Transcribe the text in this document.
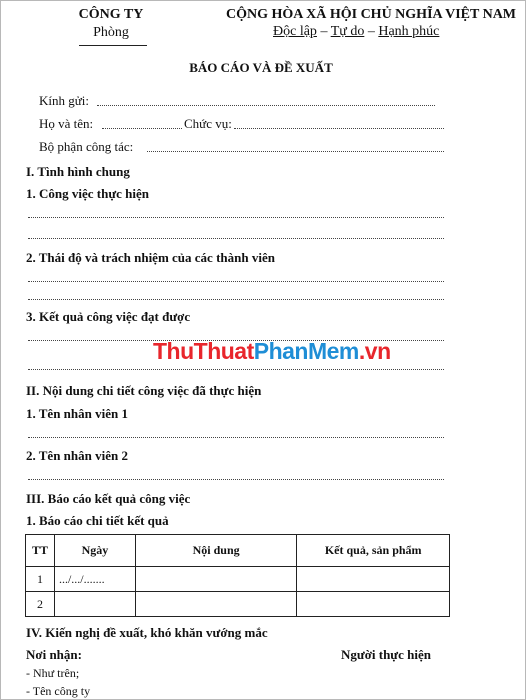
CÔNG TY
Phòng
CỘNG HÒA XÃ HỘI CHỦ NGHĨA VIỆT NAM
Độc lập – Tự do – Hạnh phúc
BÁO CÁO VÀ ĐỀ XUẤT
Kính gửi:
Họ và tên:	Chức vụ:
Bộ phận công tác:
I. Tình hình chung
1. Công việc thực hiện
2. Thái độ và trách nhiệm của các thành viên
3. Kết quả công việc đạt được
ThuThuatPhanMem.vn
II. Nội dung chi tiết công việc đã thực hiện
1. Tên nhân viên 1
2. Tên nhân viên 2
III. Báo cáo kết quả công việc
1. Báo cáo chi tiết kết quả
TT	Ngày	Nội dung	Kết quả, sản phẩm
1	.../.../.......		
2			
IV. Kiến nghị đề xuất, khó khăn vướng mắc
Nơi nhận:	Người thực hiện
- Như trên;
- Tên công ty
